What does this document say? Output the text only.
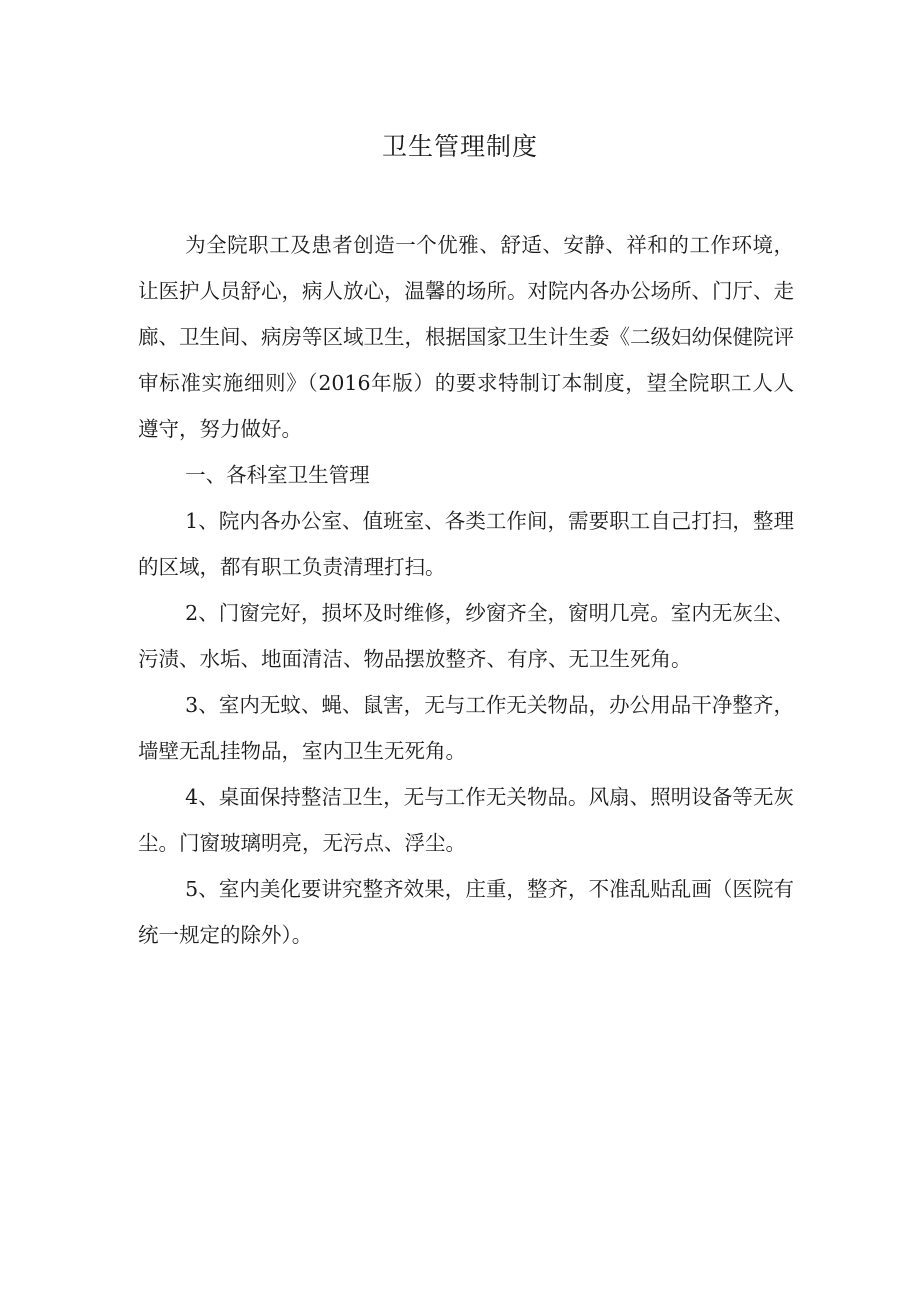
卫生管理制度

为全院职工及患者创造一个优雅、舒适、安静、祥和的工作环境，让医护人员舒心，病人放心，温馨的场所。对院内各办公场所、门厅、走廊、卫生间、病房等区域卫生，根据国家卫生计生委《二级妇幼保健院评审标准实施细则》（2016年版）的要求特制订本制度，望全院职工人人遵守，努力做好。

一、各科室卫生管理

1、院内各办公室、值班室、各类工作间，需要职工自己打扫，整理的区域，都有职工负责清理打扫。

2、门窗完好，损坏及时维修，纱窗齐全，窗明几亮。室内无灰尘、污渍、水垢、地面清洁、物品摆放整齐、有序、无卫生死角。

3、室内无蚊、蝇、鼠害，无与工作无关物品，办公用品干净整齐，墙壁无乱挂物品，室内卫生无死角。

4、桌面保持整洁卫生，无与工作无关物品。风扇、照明设备等无灰尘。门窗玻璃明亮，无污点、浮尘。

5、室内美化要讲究整齐效果，庄重，整齐，不准乱贴乱画（医院有统一规定的除外）。
